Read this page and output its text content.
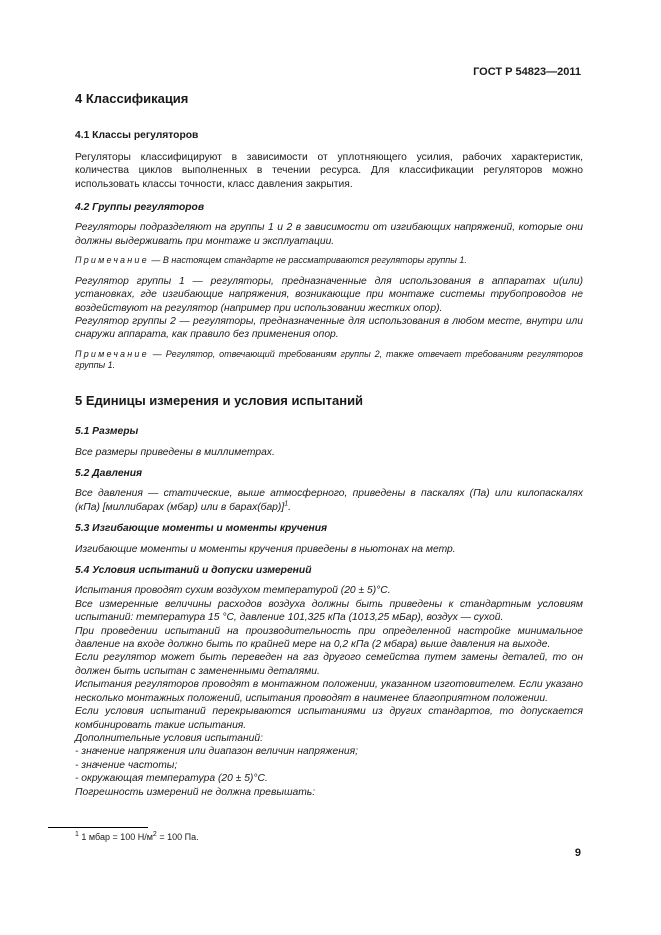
ГОСТ Р 54823—2011
4 Классификация
4.1 Классы регуляторов

Регуляторы классифицируют в зависимости от уплотняющего усилия, рабочих характеристик, количества циклов выполненных в течении ресурса. Для классификации регуляторов можно использовать классы точности, класс давления закрытия.

4.2 Группы регуляторов

Регуляторы подразделяют на группы 1 и 2 в зависимости от изгибающих напряжений, которые они должны выдерживать при монтаже и эксплуатации.

Примечание — В настоящем стандарте не рассматриваются регуляторы группы 1.

Регулятор группы 1 — регуляторы, предназначенные для использования в аппаратах и(или) установках, где изгибающие напряжения, возникающие при монтаже системы трубопроводов не воздействуют на регулятор (например при использовании жестких опор).

Регулятор группы 2 — регуляторы, предназначенные для использования в любом месте, внутри или снаружи аппарата, как правило без применения опор.

Примечание — Регулятор, отвечающий требованиям группы 2, также отвечает требованиям регуляторов группы 1.

5 Единицы измерения и условия испытаний
5.1 Размеры

Все размеры приведены в миллиметрах.

5.2 Давления

Все давления — статические, выше атмосферного, приведены в паскалях (Па) или килопаскалях (кПа) [миллибарах (мбар) или в барах(бар)]$^1$.

5.3 Изгибающие моменты и моменты кручения

Изгибающие моменты и моменты кручения приведены в ньютонах на метр.

5.4 Условия испытаний и допуски измерений

Испытания проводят сухим воздухом температурой (20 ± 5)°С.

Все измеренные величины расходов воздуха должны быть приведены к стандартным условиям испытаний: температура 15 °С, давление 101,325 кПа (1013,25 мБар), воздух — сухой.

При проведении испытаний на производительность при определенной настройке минимальное давление на входе должно быть по крайней мере на 0,2 кПа (2 мбара) выше давления на выходе.

Если регулятор может быть переведен на газ другого семейства путем замены деталей, то он должен быть испытан с замененными деталями.

Испытания регуляторов проводят в монтажном положении, указанном изготовителем. Если указано несколько монтажных положений, испытания проводят в наименее благоприятном положении.

Если условия испытаний перекрываются испытаниями из других стандартов, то допускается комбинировать такие испытания.

Дополнительные условия испытаний:

- значение напряжения или диапазон величин напряжения;

- значение частоты;

- окружающая температура (20 ± 5)°С.

Погрешность измерений не должна превышать:

$^1$ 1 мбар = 100 $Н/м^2 = 100$ Па.
9
